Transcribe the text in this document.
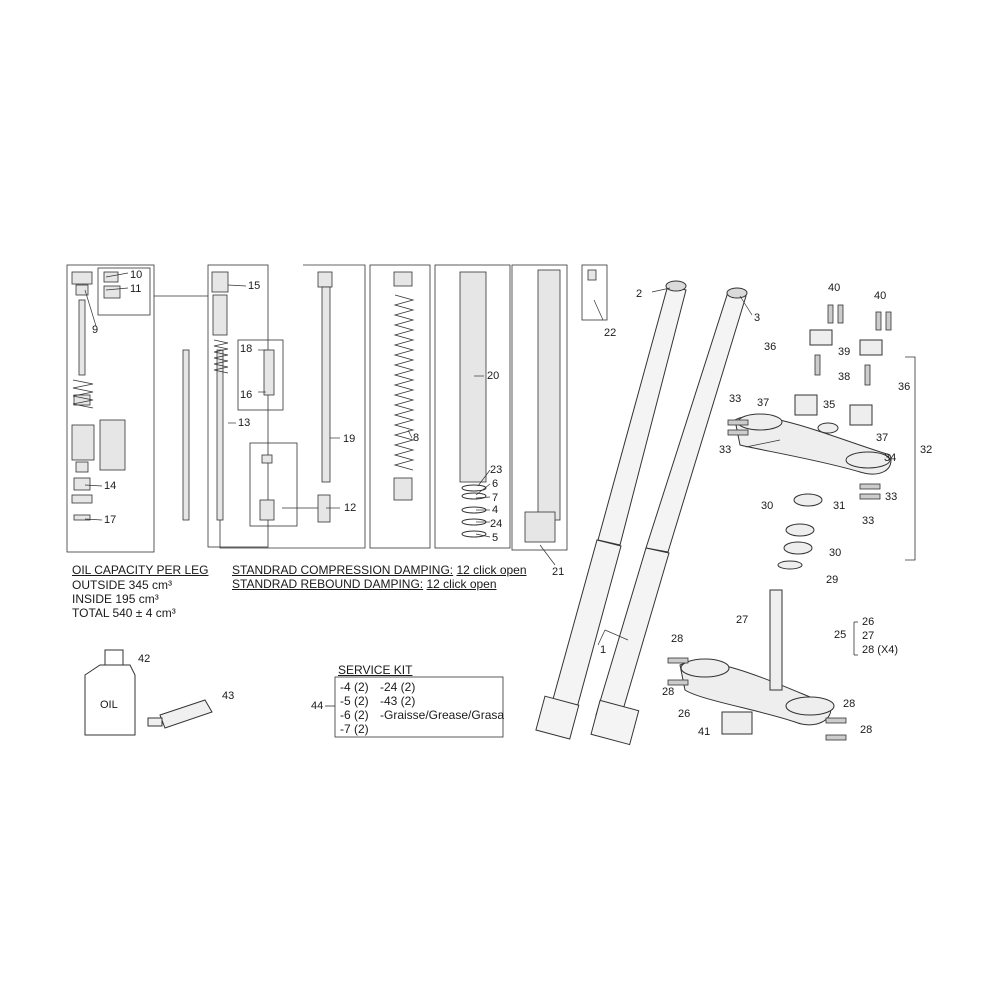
1
2
3
4
5
6
7
8
9
10
11
12
13
14
15
16
17
18
19
20
21
22
23
24
25
26
27
28
28
28
28
29
30
30
31
32
33
33
33
33
34
35
36
36
37
37
38
39
40
40
41
42
43
44
26
27
28 (X4)
OIL CAPACITY PER LEG
OUTSIDE 345 cm³
INSIDE 195 cm³
TOTAL 540 ± 4 cm³
STANDRAD COMPRESSION DAMPING: 12 click open
STANDRAD REBOUND DAMPING: 12 click open
SERVICE KIT
-4 (2)
-5 (2)
-6 (2)
-7 (2)
-24 (2)
-43 (2)
-Graisse/Grease/Grasa
OIL
